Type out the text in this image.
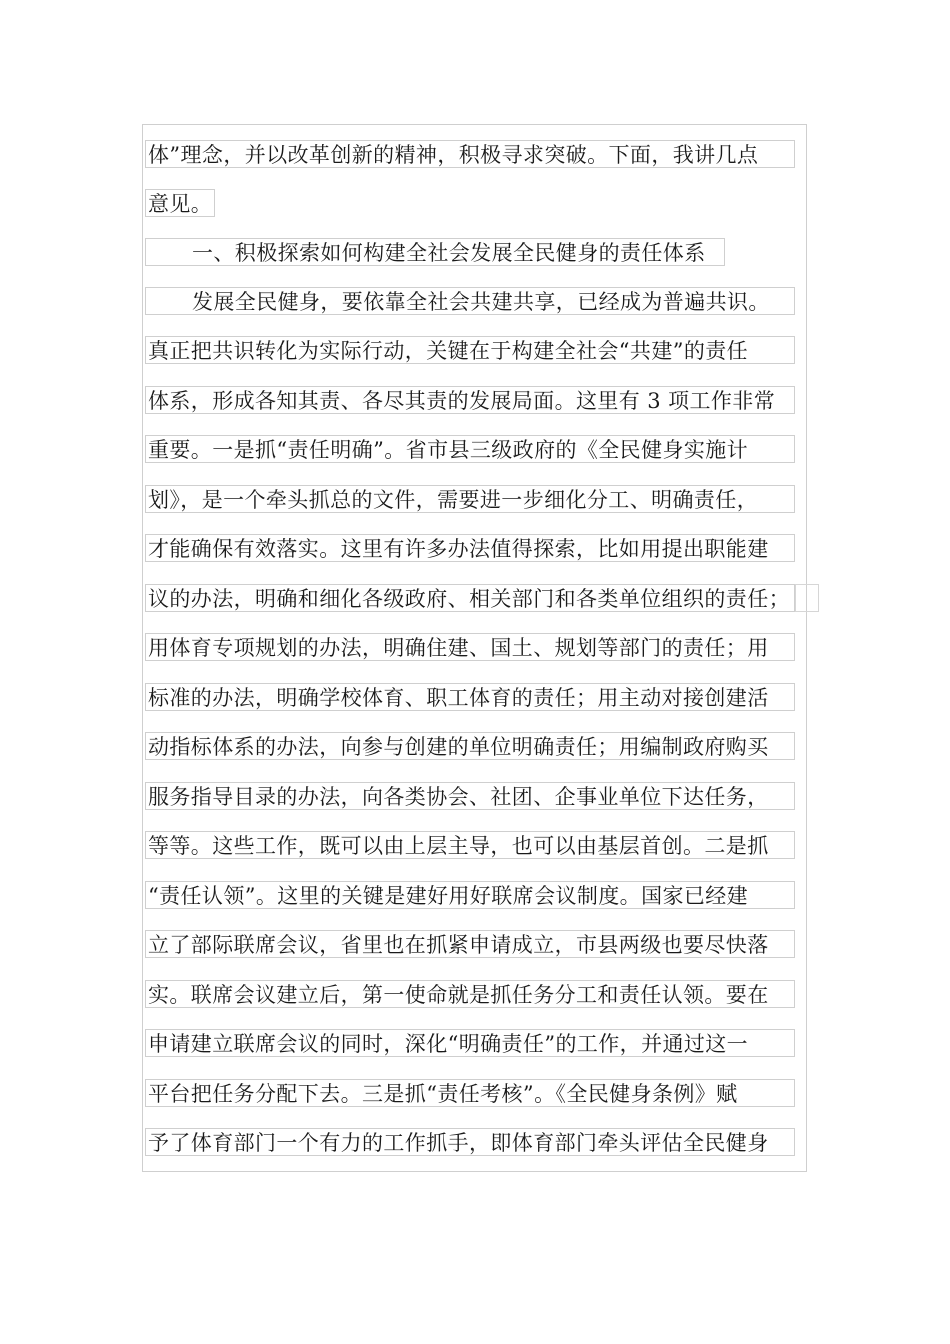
体”理念，并以改革创新的精神，积极寻求突破。下面，我讲几点
意见。
一、积极探索如何构建全社会发展全民健身的责任体系
发展全民健身，要依靠全社会共建共享，已经成为普遍共识。
真正把共识转化为实际行动，关键在于构建全社会“共建”的责任
体系，形成各知其责、各尽其责的发展局面。这里有 3 项工作非常
重要。一是抓“责任明确”。省市县三级政府的《全民健身实施计
划》，是一个牵头抓总的文件，需要进一步细化分工、明确责任，
才能确保有效落实。这里有许多办法值得探索，比如用提出职能建
议的办法，明确和细化各级政府、相关部门和各类单位组织的责任；
用体育专项规划的办法，明确住建、国土、规划等部门的责任；用
标准的办法，明确学校体育、职工体育的责任；用主动对接创建活
动指标体系的办法，向参与创建的单位明确责任；用编制政府购买
服务指导目录的办法，向各类协会、社团、企事业单位下达任务，
等等。这些工作，既可以由上层主导，也可以由基层首创。二是抓
“责任认领”。这里的关键是建好用好联席会议制度。国家已经建
立了部际联席会议，省里也在抓紧申请成立，市县两级也要尽快落
实。联席会议建立后，第一使命就是抓任务分工和责任认领。要在
申请建立联席会议的同时，深化“明确责任”的工作，并通过这一
平台把任务分配下去。三是抓“责任考核”。《全民健身条例》赋
予了体育部门一个有力的工作抓手，即体育部门牵头评估全民健身
